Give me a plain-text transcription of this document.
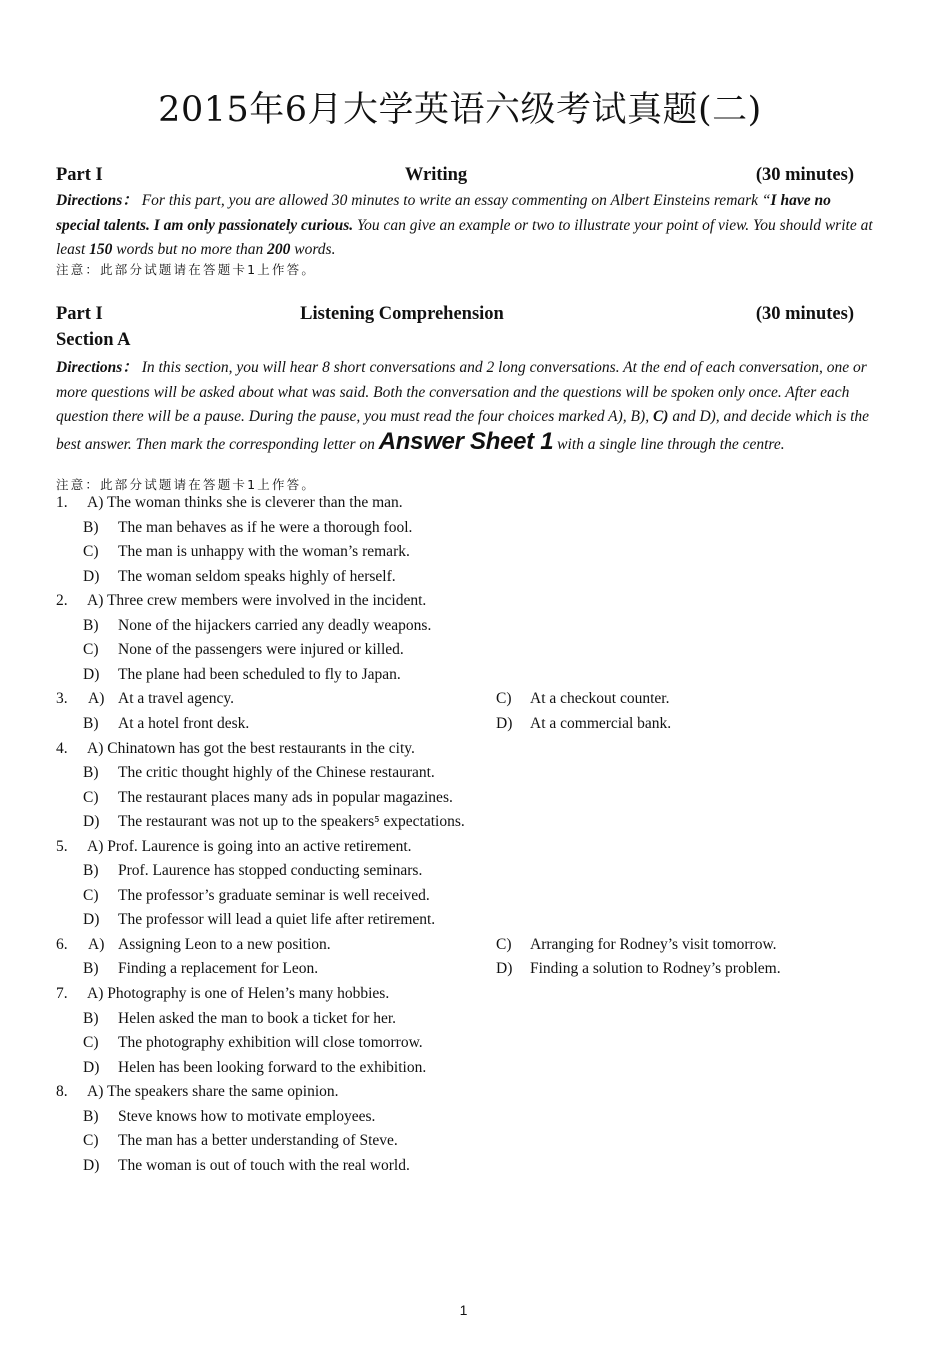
2015年6月大学英语六级考试真题(二)
Part I	Writing	(30 minutes)
Directions： For this part, you are allowed 30 minutes to write an essay commenting on Albert Einsteins remark “I have no special talents. I am only passionately curious. You can give an example or two to illustrate your point of view. You should write at least 150 words but no more than 200 words.
注意：此部分试题请在答题卡1上作答。
Part I	Listening Comprehension	(30 minutes)
Section A
Directions： In this section, you will hear 8 short conversations and 2 long conversations. At the end of each conversation, one or more questions will be asked about what was said. Both the conversation and the questions will be spoken only once. After each question there will be a pause. During the pause, you must read the four choices marked A), B), C) and D), and decide which is the best answer. Then mark the corresponding letter on Answer Sheet 1 with a single line through the centre.
注意：此部分试题请在答题卡1上作答。
1. A) The woman thinks she is cleverer than the man.
B) The man behaves as if he were a thorough fool.
C) The man is unhappy with the woman’s remark.
D) The woman seldom speaks highly of herself.
2. A) Three crew members were involved in the incident.
B) None of the hijackers carried any deadly weapons.
C) None of the passengers were injured or killed.
D) The plane had been scheduled to fly to Japan.
3. A) At a travel agency.	C) At a checkout counter.
B) At a hotel front desk.	D) At a commercial bank.
4. A) Chinatown has got the best restaurants in the city.
B) The critic thought highly of the Chinese restaurant.
C) The restaurant places many ads in popular magazines.
D) The restaurant was not up to the speakers⁵ expectations.
5. A) Prof. Laurence is going into an active retirement.
B) Prof. Laurence has stopped conducting seminars.
C) The professor’s graduate seminar is well received.
D) The professor will lead a quiet life after retirement.
6. A) Assigning Leon to a new position.	C) Arranging for Rodney’s visit tomorrow.
B) Finding a replacement for Leon.	D) Finding a solution to Rodney’s problem.
7. A) Photography is one of Helen’s many hobbies.
B) Helen asked the man to book a ticket for her.
C) The photography exhibition will close tomorrow.
D) Helen has been looking forward to the exhibition.
8. A) The speakers share the same opinion.
B) Steve knows how to motivate employees.
C) The man has a better understanding of Steve.
D) The woman is out of touch with the real world.
1
